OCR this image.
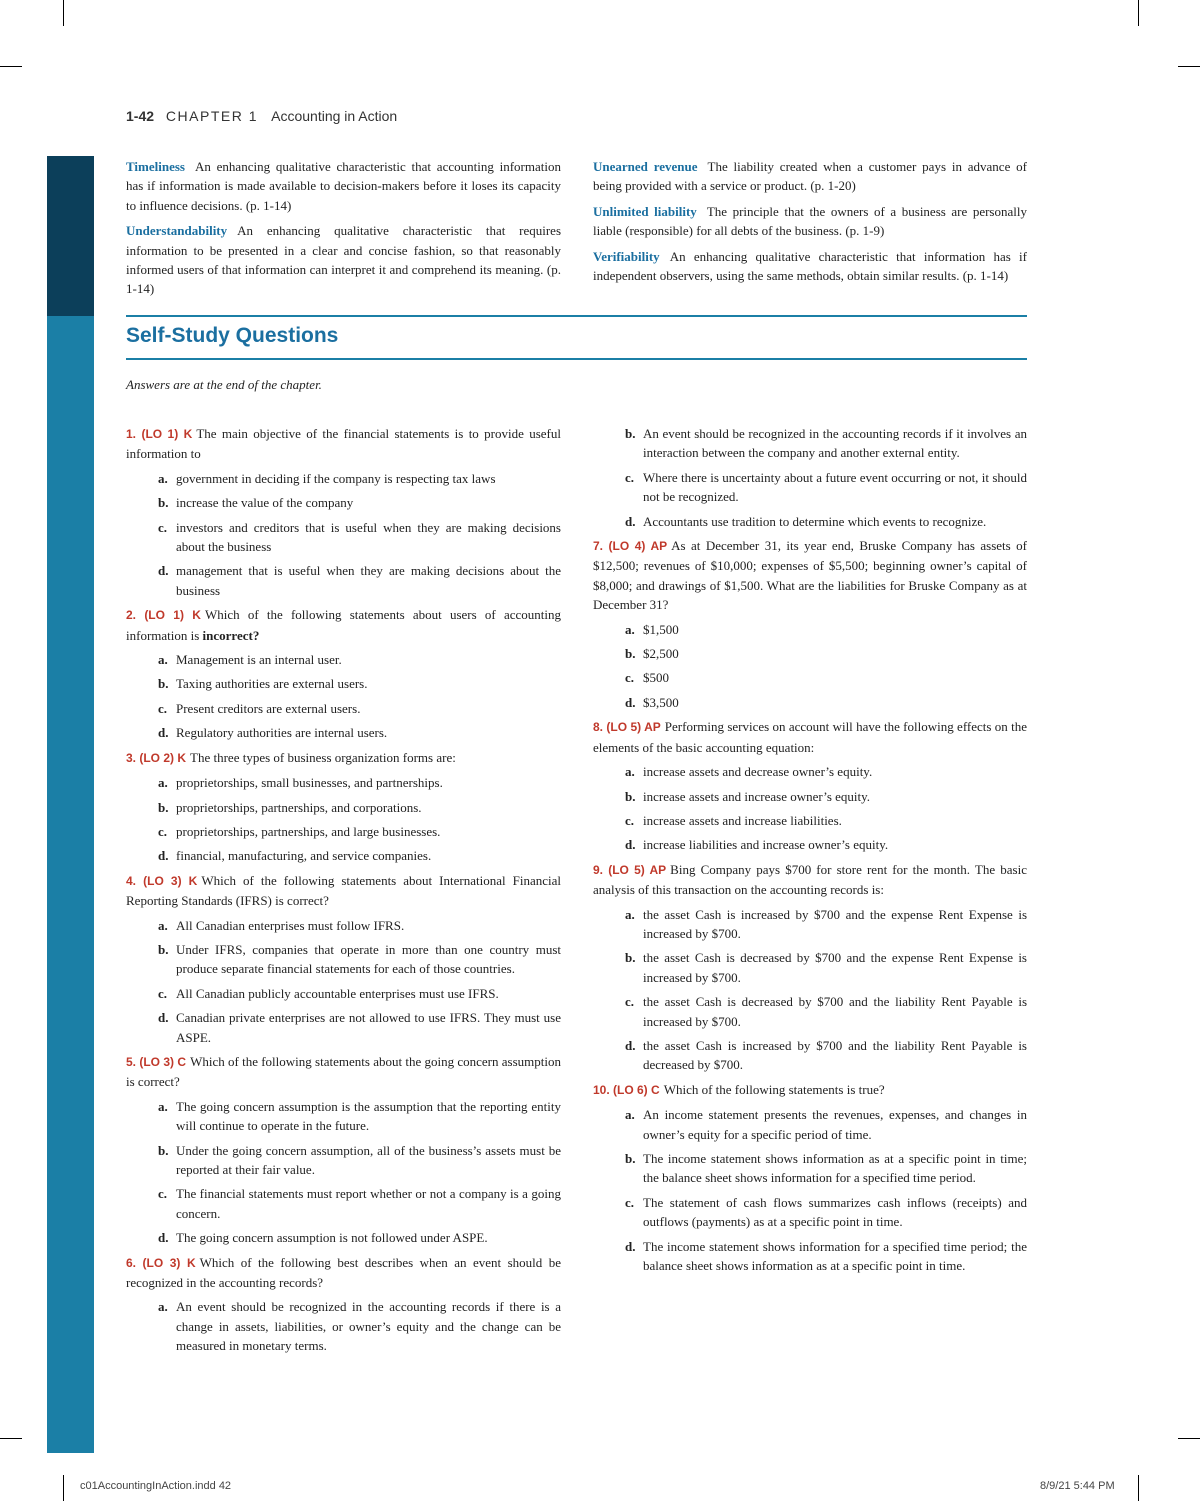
1-42 CHAPTER 1 Accounting in Action

Timeliness An enhancing qualitative characteristic that accounting information has if information is made available to decision-makers before it loses its capacity to influence decisions. (p. 1-14)

Understandability An enhancing qualitative characteristic that requires information to be presented in a clear and concise fashion, so that reasonably informed users of that information can interpret it and comprehend its meaning. (p. 1-14)

Unearned revenue The liability created when a customer pays in advance of being provided with a service or product. (p. 1-20)

Unlimited liability The principle that the owners of a business are personally liable (responsible) for all debts of the business. (p. 1-9)

Verifiability An enhancing qualitative characteristic that information has if independent observers, using the same methods, obtain similar results. (p. 1-14)

Self-Study Questions
Answers are at the end of the chapter.
1. (LO 1) K The main objective of the financial statements is to provide useful information to
a. government in deciding if the company is respecting tax laws
b. increase the value of the company
c. investors and creditors that is useful when they are making decisions about the business
d. management that is useful when they are making decisions about the business
2. (LO 1) K Which of the following statements about users of accounting information is incorrect?
a. Management is an internal user.
b. Taxing authorities are external users.
c. Present creditors are external users.
d. Regulatory authorities are internal users.
3. (LO 2) K The three types of business organization forms are:
a. proprietorships, small businesses, and partnerships.
b. proprietorships, partnerships, and corporations.
c. proprietorships, partnerships, and large businesses.
d. financial, manufacturing, and service companies.
4. (LO 3) K Which of the following statements about International Financial Reporting Standards (IFRS) is correct?
a. All Canadian enterprises must follow IFRS.
b. Under IFRS, companies that operate in more than one country must produce separate financial statements for each of those countries.
c. All Canadian publicly accountable enterprises must use IFRS.
d. Canadian private enterprises are not allowed to use IFRS. They must use ASPE.
5. (LO 3) C Which of the following statements about the going concern assumption is correct?
a. The going concern assumption is the assumption that the reporting entity will continue to operate in the future.
b. Under the going concern assumption, all of the business’s assets must be reported at their fair value.
c. The financial statements must report whether or not a company is a going concern.
d. The going concern assumption is not followed under ASPE.
6. (LO 3) K Which of the following best describes when an event should be recognized in the accounting records?
a. An event should be recognized in the accounting records if there is a change in assets, liabilities, or owner’s equity and the change can be measured in monetary terms.
b. An event should be recognized in the accounting records if it involves an interaction between the company and another external entity.
c. Where there is uncertainty about a future event occurring or not, it should not be recognized.
d. Accountants use tradition to determine which events to recognize.
7. (LO 4) AP As at December 31, its year end, Bruske Company has assets of $12,500; revenues of $10,000; expenses of $5,500; beginning owner’s capital of $8,000; and drawings of $1,500. What are the liabilities for Bruske Company as at December 31?
a. $1,500
b. $2,500
c. $500
d. $3,500
8. (LO 5) AP Performing services on account will have the following effects on the elements of the basic accounting equation:
a. increase assets and decrease owner’s equity.
b. increase assets and increase owner’s equity.
c. increase assets and increase liabilities.
d. increase liabilities and increase owner’s equity.
9. (LO 5) AP Bing Company pays $700 for store rent for the month. The basic analysis of this transaction on the accounting records is:
a. the asset Cash is increased by $700 and the expense Rent Expense is increased by $700.
b. the asset Cash is decreased by $700 and the expense Rent Expense is increased by $700.
c. the asset Cash is decreased by $700 and the liability Rent Payable is increased by $700.
d. the asset Cash is increased by $700 and the liability Rent Payable is decreased by $700.
10. (LO 6) C Which of the following statements is true?
a. An income statement presents the revenues, expenses, and changes in owner’s equity for a specific period of time.
b. The income statement shows information as at a specific point in time; the balance sheet shows information for a specified time period.
c. The statement of cash flows summarizes cash inflows (receipts) and outflows (payments) as at a specific point in time.
d. The income statement shows information for a specified time period; the balance sheet shows information as at a specific point in time.
c01AccountingInAction.indd 42	8/9/21 5:44 PM
